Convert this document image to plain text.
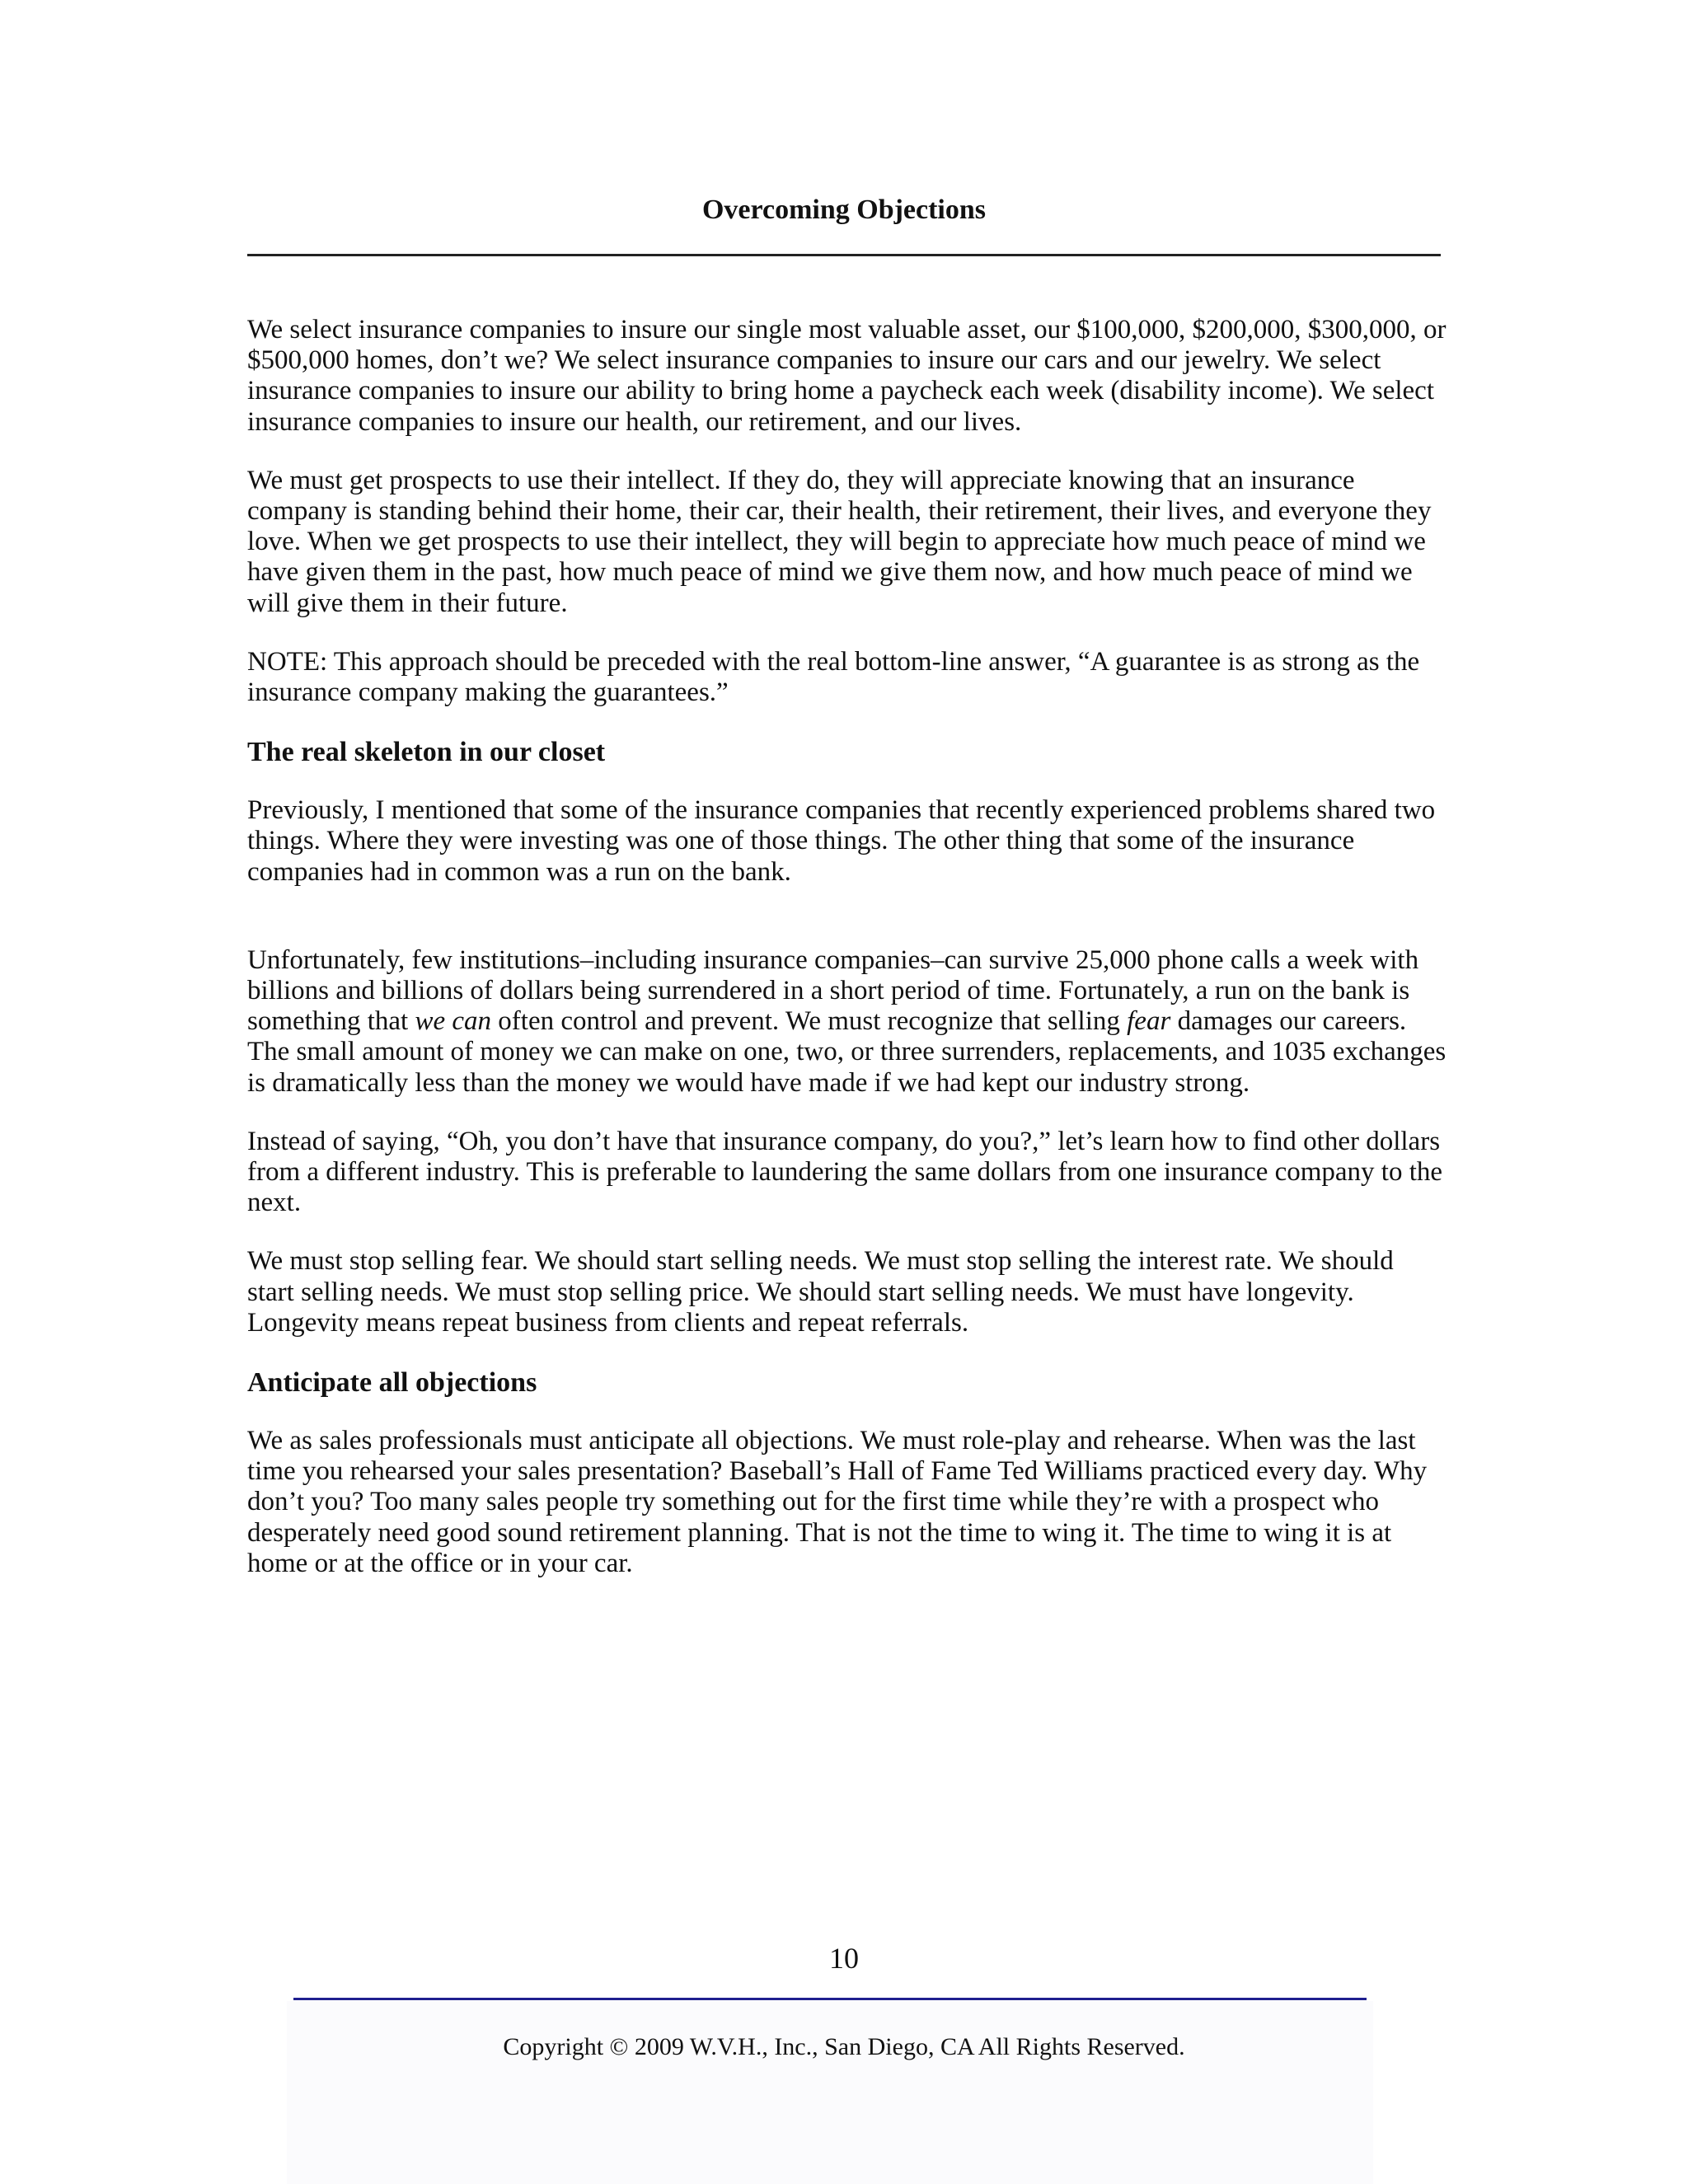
Overcoming Objections

We select insurance companies to insure our single most valuable asset, our $100,000, $200,000, $300,000, or $500,000 homes, don’t we? We select insurance companies to insure our cars and our jewelry. We select insurance companies to insure our ability to bring home a paycheck each week (disability income). We select insurance companies to insure our health, our retirement, and our lives.

We must get prospects to use their intellect. If they do, they will appreciate knowing that an insurance company is standing behind their home, their car, their health, their retirement, their lives, and everyone they love. When we get prospects to use their intellect, they will begin to appreciate how much peace of mind we have given them in the past, how much peace of mind we give them now, and how much peace of mind we will give them in their future.

NOTE: This approach should be preceded with the real bottom-line answer, “A guarantee is as strong as the insurance company making the guarantees.”

The real skeleton in our closet

Previously, I mentioned that some of the insurance companies that recently experienced problems shared two things. Where they were investing was one of those things. The other thing that some of the insurance companies had in common was a run on the bank.

Unfortunately, few institutions–including insurance companies–can survive 25,000 phone calls a week with billions and billions of dollars being surrendered in a short period of time. Fortunately, a run on the bank is something that we can often control and prevent. We must recognize that selling fear damages our careers. The small amount of money we can make on one, two, or three surrenders, replacements, and 1035 exchanges is dramatically less than the money we would have made if we had kept our industry strong.

Instead of saying, “Oh, you don’t have that insurance company, do you?,” let’s learn how to find other dollars from a different industry. This is preferable to laundering the same dollars from one insurance company to the next.

We must stop selling fear. We should start selling needs. We must stop selling the interest rate. We should start selling needs. We must stop selling price. We should start selling needs. We must have longevity. Longevity means repeat business from clients and repeat referrals.

Anticipate all objections

We as sales professionals must anticipate all objections. We must role-play and rehearse. When was the last time you rehearsed your sales presentation? Baseball’s Hall of Fame Ted Williams practiced every day. Why don’t you? Too many sales people try something out for the first time while they’re with a prospect who desperately need good sound retirement planning. That is not the time to wing it. The time to wing it is at home or at the office or in your car.

10
Copyright © 2009 W.V.H., Inc., San Diego, CA All Rights Reserved.
